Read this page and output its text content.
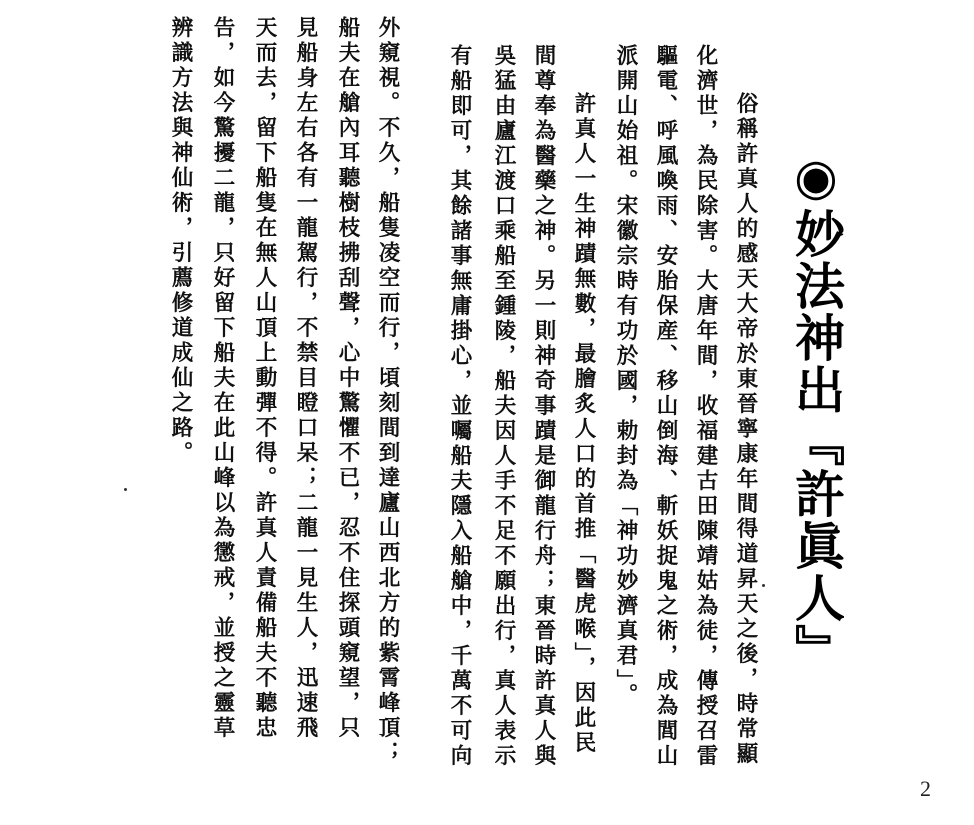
◉妙法神出『許眞人』
俗稱許真人的感天大帝於東晉寧康年間得道昇天之後，時常顯
化濟世，為民除害。大唐年間，收福建古田陳靖姑為徒，傳授召雷
驅電、呼風喚雨、安胎保産、移山倒海、斬妖捉鬼之術，成為閭山
派開山始祖。宋徽宗時有功於國，勅封為「神功妙濟真君」。
許真人一生神蹟無數，最膾炙人口的首推「醫虎喉」，因此民
間尊奉為醫藥之神。另一則神奇事蹟是御龍行舟；東晉時許真人與
吳猛由廬江渡口乘船至鍾陵，船夫因人手不足不願出行，真人表示
有船即可，其餘諸事無庸掛心，並囑船夫隱入船艙中，千萬不可向
外窺視。不久，船隻凌空而行，頃刻間到達廬山西北方的紫霄峰頂；
船夫在艙內耳聽樹枝拂刮聲，心中驚懼不已，忍不住探頭窺望，只
見船身左右各有一龍駕行，不禁目瞪口呆；二龍一見生人，迅速飛
天而去，留下船隻在無人山頂上動彈不得。許真人責備船夫不聽忠
告，如今驚擾二龍，只好留下船夫在此山峰以為懲戒，並授之靈草
辨識方法與神仙術，引薦修道成仙之路。
2
